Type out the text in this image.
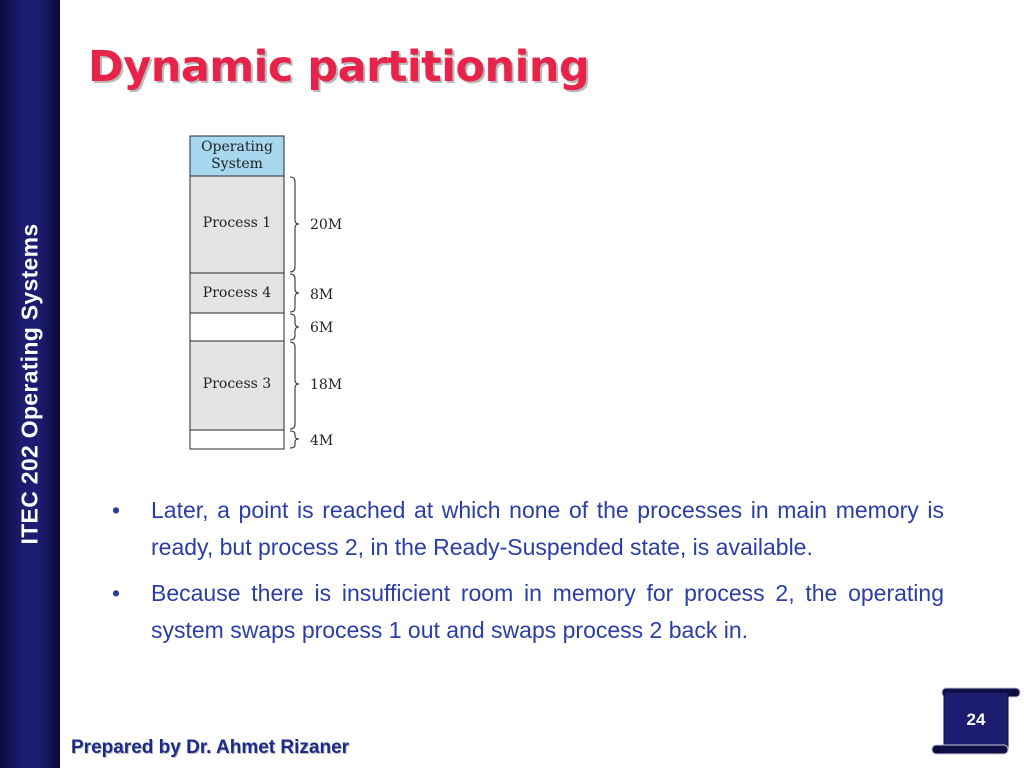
ITEC 202 Operating Systems
Dynamic partitioning
Operating
System
Process 1
Process 4
Process 3
20M
8M
6M
18M
4M
• Later, a point is reached at which none of the processes in main memory is ready, but process 2, in the Ready-Suspended state, is available.
• Because there is insufficient room in memory for process 2, the operating system swaps process 1 out and swaps process 2 back in.
Prepared by Dr. Ahmet Rizaner
24
